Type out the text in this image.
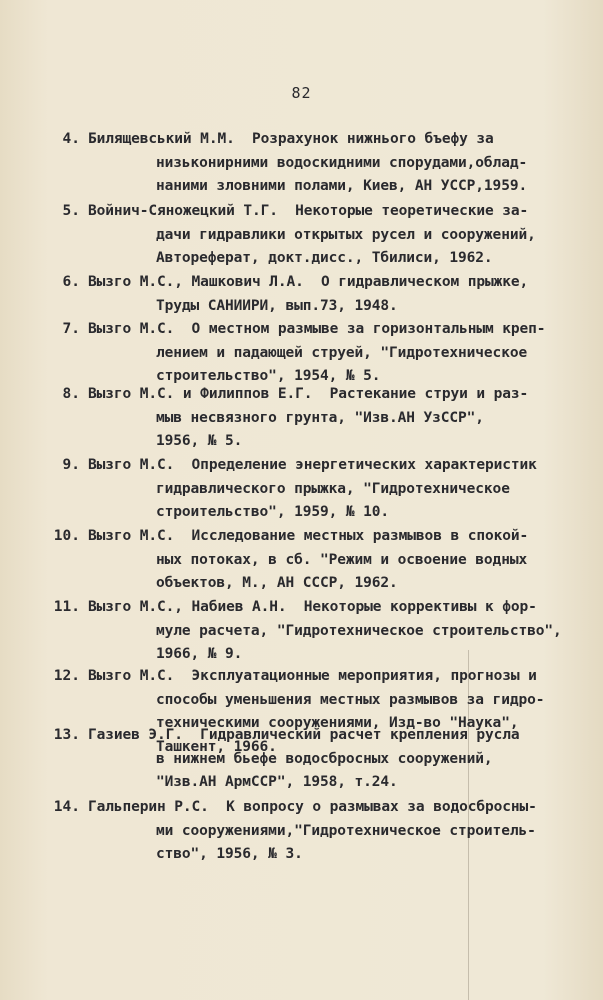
82
4. Билящевський М.М.  Розрахунок нижнього бъефу за
низьконирними водоскидними спорудами,облад-
наними зловними полами, Киев, АН УССР,1959.
5. Войнич-Сяножецкий Т.Г.  Некоторые теоретические за-
дачи гидравлики открытых русел и сооружений,
Автореферат, докт.дисс., Тбилиси, 1962.
6. Вызго М.С., Машкович Л.А.  О гидравлическом прыжке,
Труды САНИИРИ, вып.73, 1948.
7. Вызго М.С.  О местном размыве за горизонтальным креп-
лением и падающей струей, "Гидротехническое
строительство", 1954, № 5.
8. Вызго М.С. и Филиппов Е.Г.  Растекание струи и раз-
мыв несвязного грунта, "Изв.АН УзССР",
1956, № 5.
9. Вызго М.С.  Определение энергетических характеристик
гидравлического прыжка, "Гидротехническое
строительство", 1959, № 10.
10. Вызго М.С.  Исследование местных размывов в спокой-
ных потоках, в сб. "Режим и освоение водных
объектов, М., АН СССР, 1962.
11. Вызго М.С., Набиев А.Н.  Некоторые коррективы к фор-
муле расчета, "Гидротехническое строительство",
1966, № 9.
12. Вызго М.С.  Эксплуатационные мероприятия, прогнозы и
способы уменьшения местных размывов за гидро-
техническими сооружениями, Изд-во "Наука",
Ташкент, 1966.
13. Газиев Э.Г.  Гидравлический расчет крепления русла
в нижнем бьефе водосбросных сооружений,
"Изв.АН АрмССР", 1958, т.24.
14. Гальперин Р.С.  К вопросу о размывах за водосбросны-
ми сооружениями,"Гидротехническое строитель-
ство", 1956, № 3.
